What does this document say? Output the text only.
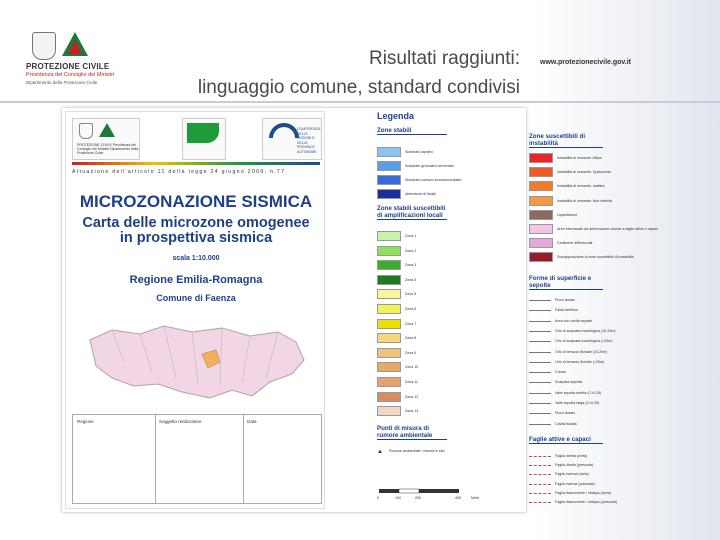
PROTEZIONE CIVILE
Presidenza del Consiglio dei Ministri
Dipartimento della Protezione Civile
Risultati raggiunti:
linguaggio comune, standard condivisi
www.protezionecivile.gov.it
PROTEZIONE CIVILE Presidenza del Consiglio dei Ministri Dipartimento della Protezione Civile
CONFERENZA DELLE REGIONI E DELLE PROVINCE AUTONOME
Attuazione dell'articolo 11 della legge 24 giugno 2009, n.77
MICROZONAZIONE SISMICA
Carta delle microzone omogenee
in prospettiva sismica
scala 1:10.000
Regione Emilia-Romagna
Comune di Faenza
Regione	Soggetto realizzatore	Data
Legenda
Zone stabili
Substrato lapideo
Substrato granulare cementato
Substrato coesivo sovraconsolidato
Alternanza di litotipi
Zone stabili suscettibili di amplificazioni locali
Zona 1
Zona 2
Zona 3
Zona 4
Zona 5
Zona 6
Zona 7
Zona 8
Zona 9
Zona 10
Zona 11
Zona 12
Zona 13
Punti di misura di rumore ambientale
▲ Rumore ambientale / misura in sito
0	100	200	400	Metri
Zone suscettibili di instabilità
Instabilità di versante: Attiva
Instabilità di versante: Quiescente
Instabilità di versante: Inattiva
Instabilità di versante: Non definita
Liquefazione
Aree interessate da deformazioni dovute a faglie attive e capaci
Cedimenti differenziali
Sovrapposizione di zone suscettibili di instabilità
Forme di superficie e sepolte
Picco isolato
Falda detritica
Area con cavità sepolte
Orlo di scarpata morfologica (10-20m)
Orlo di scarpata morfologica (>20m)
Orlo di terrazzo fluviale (10-20m)
Orlo di terrazzo fluviale (>20m)
Cresta
Scarpata sepolta
Valle sepolta stretta (C>0.25)
Valle sepolta larga (C<0.25)
Picco isolato
Cavità isolata
Faglie attive e capaci
Faglia diretta (certa)
Faglia diretta (presunta)
Faglia inversa (certa)
Faglia inversa (presunta)
Faglia trascorrente / obliqua (certa)
Faglia trascorrente / obliqua (presunta)
